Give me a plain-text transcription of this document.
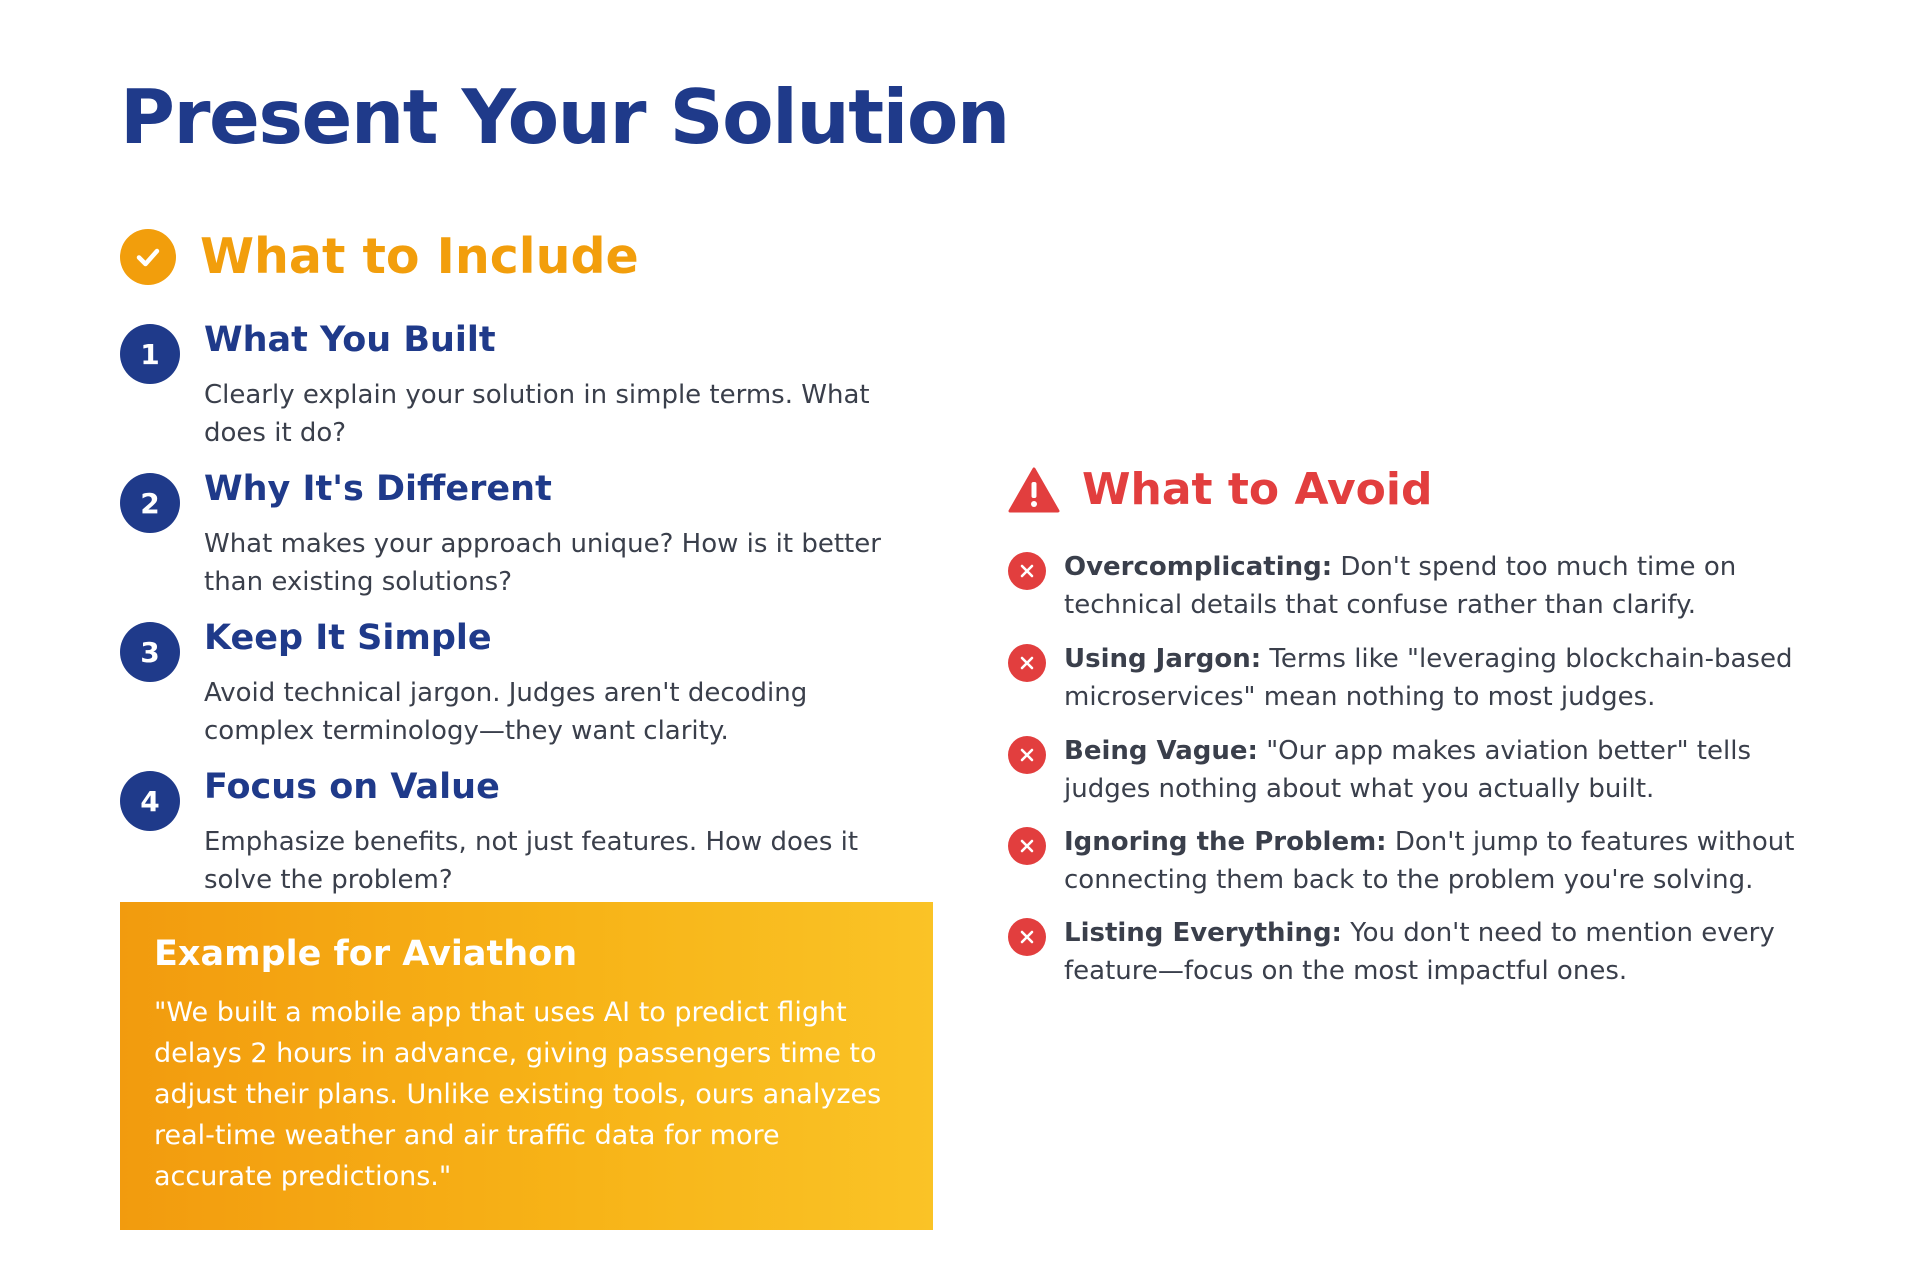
Present Your Solution
What to Include
1	What You Built
Clearly explain your solution in simple terms. What does it do?
2	Why It's Different
What makes your approach unique? How is it better than existing solutions?
3	Keep It Simple
Avoid technical jargon. Judges aren't decoding complex terminology—they want clarity.
4	Focus on Value
Emphasize benefits, not just features. How does it solve the problem?
Example for Aviathon
"We built a mobile app that uses AI to predict flight delays 2 hours in advance, giving passengers time to adjust their plans. Unlike existing tools, ours analyzes real-time weather and air traffic data for more accurate predictions."
What to Avoid
Overcomplicating: Don't spend too much time on technical details that confuse rather than clarify.
Using Jargon: Terms like "leveraging blockchain-based microservices" mean nothing to most judges.
Being Vague: "Our app makes aviation better" tells judges nothing about what you actually built.
Ignoring the Problem: Don't jump to features without connecting them back to the problem you're solving.
Listing Everything: You don't need to mention every feature—focus on the most impactful ones.
